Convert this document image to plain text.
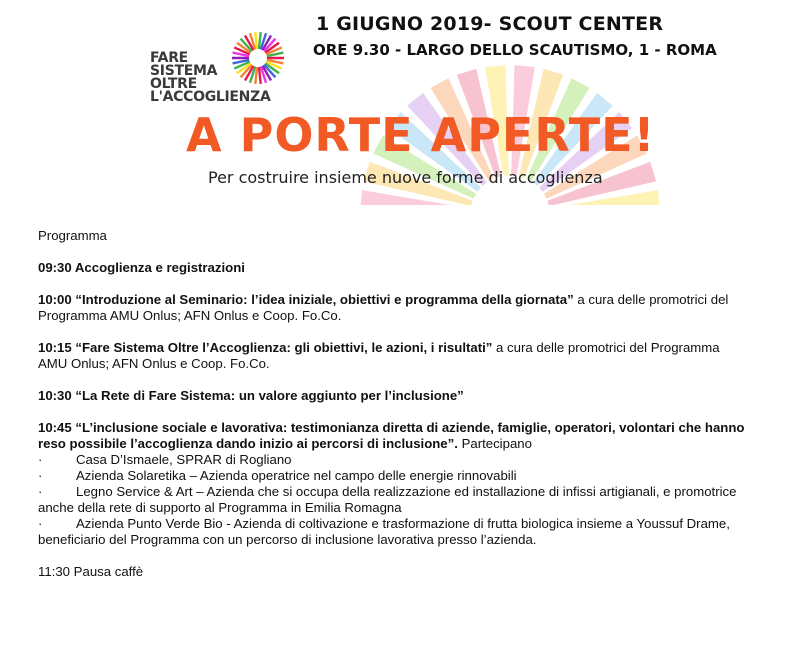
FARE
SISTEMA
OLTRE
L'ACCOGLIENZA
1 GIUGNO 2019- SCOUT CENTER
ORE 9.30 - LARGO DELLO SCAUTISMO, 1 - ROMA
A PORTE APERTE!
Per costruire insieme nuove forme di accoglienza

Programma

09:30 Accoglienza e registrazioni

10:00 “Introduzione al Seminario: l’idea iniziale, obiettivi e programma della giornata” a cura delle promotrici del
Programma AMU Onlus; AFN Onlus e Coop. Fo.Co.

10:15 “Fare Sistema Oltre l’Accoglienza: gli obiettivi, le azioni, i risultati” a cura delle promotrici del Programma
AMU Onlus; AFN Onlus e Coop. Fo.Co.

10:30 “La Rete di Fare Sistema: un valore aggiunto per l’inclusione”

10:45 “L’inclusione sociale e lavorativa: testimonianza diretta di aziende, famiglie, operatori, volontari che hanno
reso possibile l’accoglienza dando inizio ai percorsi di inclusione”. Partecipano

·	Casa D’Ismaele, SPRAR di Rogliano
·	Azienda Solaretika – Azienda operatrice nel campo delle energie rinnovabili
·	Legno Service & Art – Azienda che si occupa della realizzazione ed installazione di infissi artigianali, e promotrice
anche della rete di supporto al Programma in Emilia Romagna
·	Azienda Punto Verde Bio - Azienda di coltivazione e trasformazione di frutta biologica insieme a Youssuf Drame,
beneficiario del Programma con un percorso di inclusione lavorativa presso l’azienda.

11:30 Pausa caffè
